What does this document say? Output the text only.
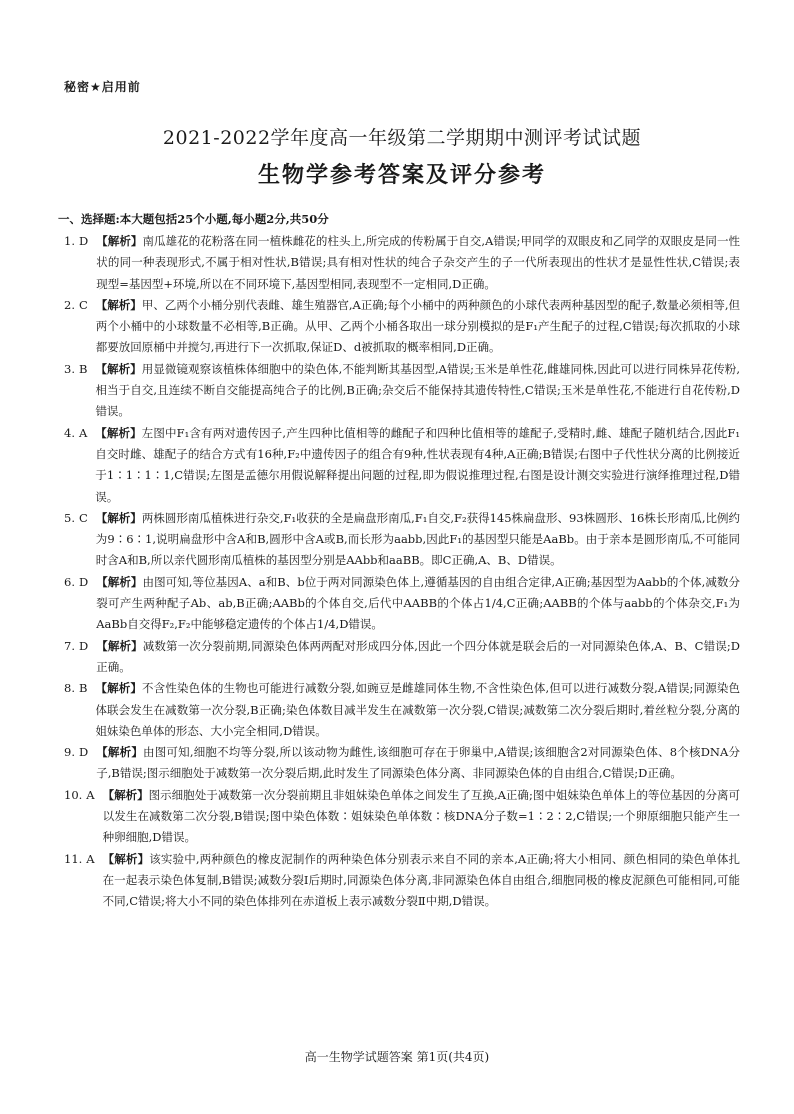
秘密★启用前
2021-2022学年度高一年级第二学期期中测评考试试题
生物学参考答案及评分参考
一、选择题:本大题包括25个小题,每小题2分,共50分
1. D 【解析】南瓜雄花的花粉落在同一植株雌花的柱头上,所完成的传粉属于自交,A错误;甲同学的双眼皮和乙同学的双眼皮是同一性状的同一种表现形式,不属于相对性状,B错误;具有相对性状的纯合子杂交产生的子一代所表现出的性状才是显性性状,C错误;表现型=基因型+环境,所以在不同环境下,基因型相同,表现型不一定相同,D正确。
2. C 【解析】甲、乙两个小桶分别代表雌、雄生殖器官,A正确;每个小桶中的两种颜色的小球代表两种基因型的配子,数量必须相等,但两个小桶中的小球数量不必相等,B正确。从甲、乙两个小桶各取出一球分别模拟的是F₁产生配子的过程,C错误;每次抓取的小球都要放回原桶中并搅匀,再进行下一次抓取,保证D、d被抓取的概率相同,D正确。
3. B 【解析】用显微镜观察该植株体细胞中的染色体,不能判断其基因型,A错误;玉米是单性花,雌雄同株,因此可以进行同株异花传粉,相当于自交,且连续不断自交能提高纯合子的比例,B正确;杂交后不能保持其遗传特性,C错误;玉米是单性花,不能进行自花传粉,D错误。
4. A 【解析】左图中F₁含有两对遗传因子,产生四种比值相等的雌配子和四种比值相等的雄配子,受精时,雌、雄配子随机结合,因此F₁自交时雌、雄配子的结合方式有16种,F₂中遗传因子的组合有9种,性状表现有4种,A正确;B错误;右图中子代性状分离的比例接近于1∶1∶1∶1,C错误;左图是孟德尔用假说解释提出问题的过程,即为假说推理过程,右图是设计测交实验进行演绎推理过程,D错误。
5. C 【解析】两株圆形南瓜植株进行杂交,F₁收获的全是扁盘形南瓜,F₁自交,F₂获得145株扁盘形、93株圆形、16株长形南瓜,比例约为9∶6∶1,说明扁盘形中含A和B,圆形中含A或B,而长形为aabb,因此F₁的基因型只能是AaBb。由于亲本是圆形南瓜,不可能同时含A和B,所以亲代圆形南瓜植株的基因型分别是AAbb和aaBB。即C正确,A、B、D错误。
6. D 【解析】由图可知,等位基因A、a和B、b位于两对同源染色体上,遵循基因的自由组合定律,A正确;基因型为Aabb的个体,减数分裂可产生两种配子Ab、ab,B正确;AABb的个体自交,后代中AABB的个体占1/4,C正确;AABB的个体与aabb的个体杂交,F₁为AaBb自交得F₂,F₂中能够稳定遗传的个体占1/4,D错误。
7. D 【解析】减数第一次分裂前期,同源染色体两两配对形成四分体,因此一个四分体就是联会后的一对同源染色体,A、B、C错误;D正确。
8. B 【解析】不含性染色体的生物也可能进行减数分裂,如豌豆是雌雄同体生物,不含性染色体,但可以进行减数分裂,A错误;同源染色体联会发生在减数第一次分裂,B正确;染色体数目减半发生在减数第一次分裂,C错误;减数第二次分裂后期时,着丝粒分裂,分离的姐妹染色单体的形态、大小完全相同,D错误。
9. D 【解析】由图可知,细胞不均等分裂,所以该动物为雌性,该细胞可存在于卵巢中,A错误;该细胞含2对同源染色体、8个核DNA分子,B错误;图示细胞处于减数第一次分裂后期,此时发生了同源染色体分离、非同源染色体的自由组合,C错误;D正确。
10. A 【解析】图示细胞处于减数第一次分裂前期且非姐妹染色单体之间发生了互换,A正确;图中姐妹染色单体上的等位基因的分离可以发生在减数第二次分裂,B错误;图中染色体数∶姐妹染色单体数∶核DNA分子数=1∶2∶2,C错误;一个卵原细胞只能产生一种卵细胞,D错误。
11. A 【解析】该实验中,两种颜色的橡皮泥制作的两种染色体分别表示来自不同的亲本,A正确;将大小相同、颜色相同的染色单体扎在一起表示染色体复制,B错误;减数分裂Ⅰ后期时,同源染色体分离,非同源染色体自由组合,细胞同极的橡皮泥颜色可能相同,可能不同,C错误;将大小不同的染色体排列在赤道板上表示减数分裂Ⅱ中期,D错误。
高一生物学试题答案 第1页(共4页)
